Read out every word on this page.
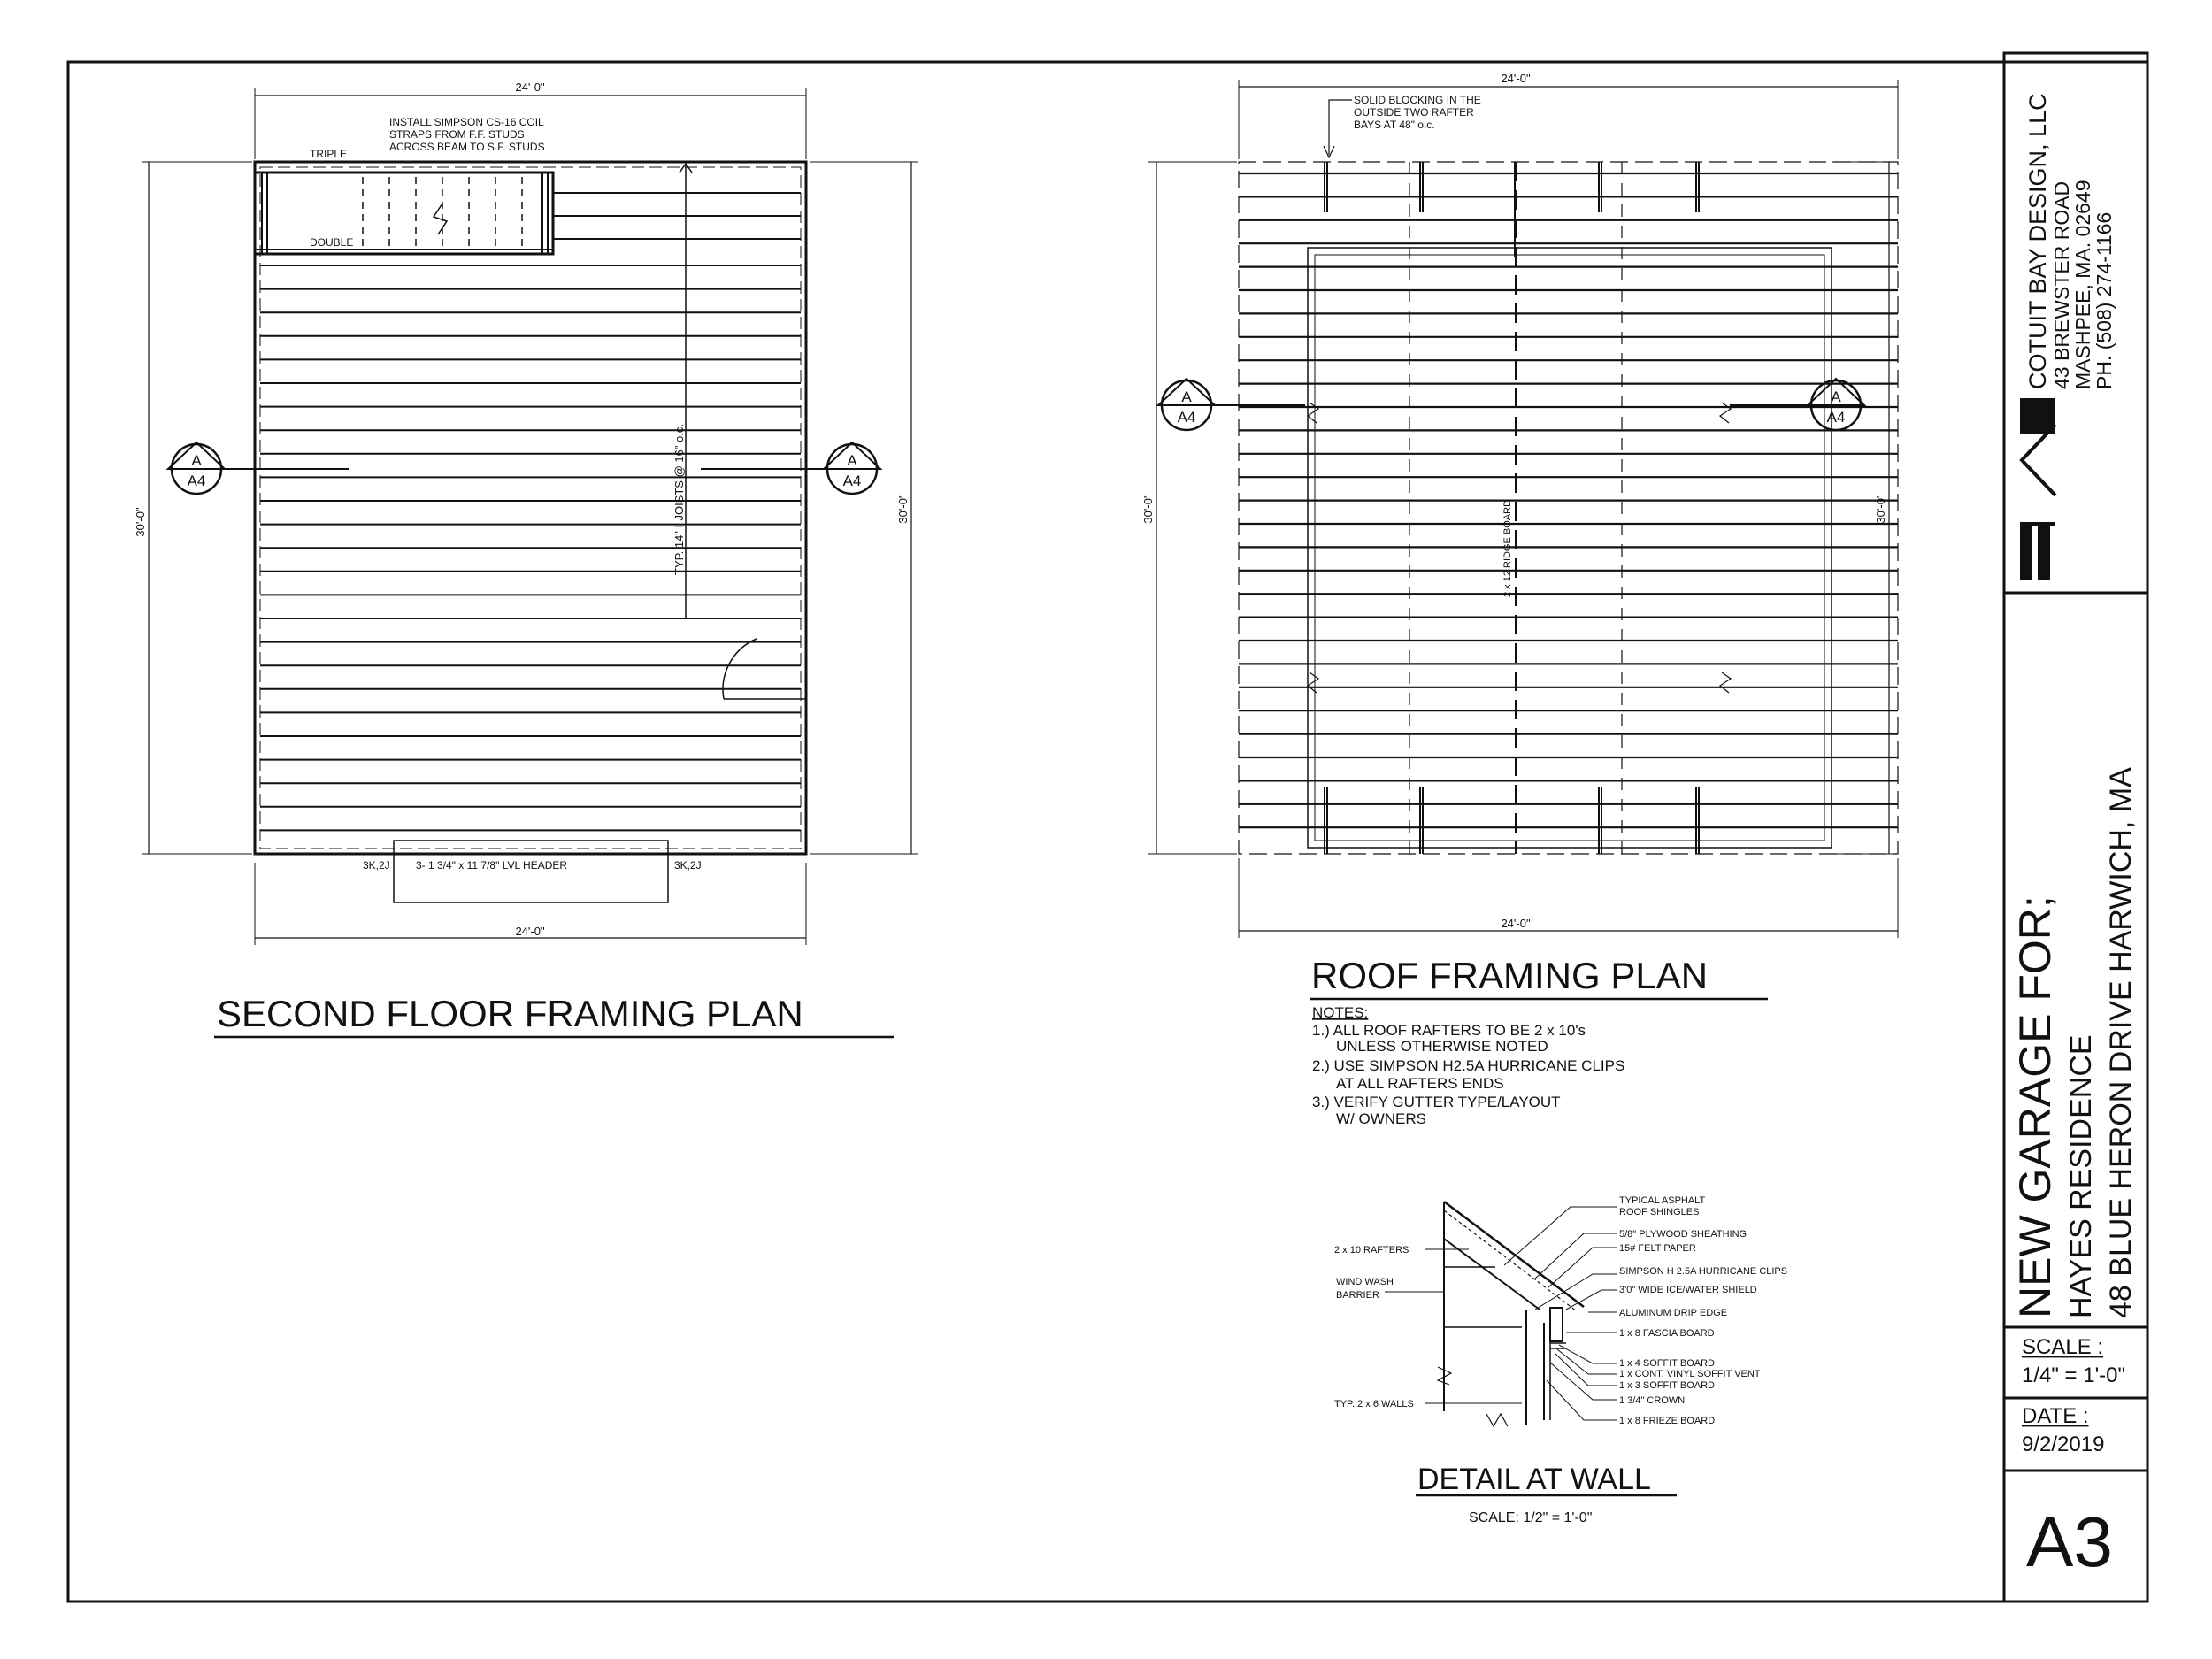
COTUIT BAY DESIGN, LLC 43 BREWSTER ROAD
MASHPEE, MA. 02649
PH. (508) 274-1166
NEW GARAGE FOR; HAYES RESIDENCE 48 BLUE HERON DRIVE HARWICH, MA
SCALE :
1/4" = 1'-0"
DATE :
9/2/2019
A3
TYP. 14" I-JOISTS @ 16" o.c.
3- 1 3/4" x 11 7/8" LVL HEADER
3K,2J	3K,2J
INSTALL SIMPSON CS-16 COIL
STRAPS FROM F.F. STUDS
ACROSS BEAM TO S.F. STUDS
TRIPLE
DOUBLE
24'-0"
24'-0"
30'-0"	30'-0"
A
A4
A
A4
SECOND FLOOR FRAMING PLAN
2 x 12 RIDGE BOARD
SOLID BLOCKING IN THE
OUTSIDE TWO RAFTER
BAYS AT 48" o.c.
24'-0"
24'-0"
30'-0"	30'-0"
A
A4
A
A4
ROOF FRAMING PLAN
NOTES:
1.) ALL ROOF RAFTERS TO BE 2 x 10's
UNLESS OTHERWISE NOTED
2.) USE SIMPSON H2.5A HURRICANE CLIPS
AT ALL RAFTERS ENDS
3.) VERIFY GUTTER TYPE/LAYOUT
W/ OWNERS
2 x 10 RAFTERS
WIND WASH
BARRIER
TYP. 2 x 6 WALLS
TYPICAL ASPHALT
ROOF SHINGLES
5/8" PLYWOOD SHEATHING
15# FELT PAPER
SIMPSON H 2.5A HURRICANE CLIPS
3'0" WIDE ICE/WATER SHIELD
ALUMINUM DRIP EDGE
1 x 8 FASCIA BOARD
1 x 4 SOFFIT BOARD
1 x CONT. VINYL SOFFIT VENT
1 x 3 SOFFIT BOARD
1 3/4" CROWN
1 x 8 FRIEZE BOARD
DETAIL AT WALL
SCALE: 1/2" = 1'-0"
